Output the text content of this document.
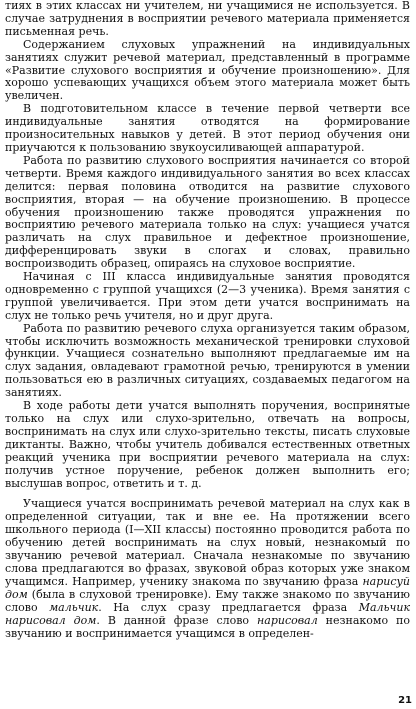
тиях в этих классах ни учителем, ни учащимися не используется. В случае затруднения в восприятии речевого материала применяется письменная речь.

Содержанием слуховых упражнений на индивидуальных занятиях служит речевой материал, представленный в программе «Развитие слухового восприятия и обучение произношению». Для хорошо успевающих учащихся объем этого материала может быть увеличен.

В подготовительном классе в течение первой четверти все индивидуальные занятия отводятся на формирование произносительных навыков у детей. В этот период обучения они приучаются к пользованию звукоусиливающей аппаратурой.

Работа по развитию слухового восприятия начинается со второй четверти. Время каждого индивидуального занятия во всех классах делится: первая половина отводится на развитие слухового восприятия, вторая — на обучение произношению. В процессе обучения произношению также проводятся упражнения по восприятию речевого материала только на слух: учащиеся учатся различать на слух правильное и дефектное произношение, дифференцировать звуки в слогах и словах, правильно воспроизводить образец, опираясь на слуховое восприятие.

Начиная с III класса индивидуальные занятия проводятся одновременно с группой учащихся (2—3 ученика). Время занятия с группой увеличивается. При этом дети учатся воспринимать на слух не только речь учителя, но и друг друга.

Работа по развитию речевого слуха организуется таким образом, чтобы исключить возможность механической тренировки слуховой функции. Учащиеся сознательно выполняют предлагаемые им на слух задания, овладевают грамотной речью, тренируются в умении пользоваться ею в различных ситуациях, создаваемых педагогом на занятиях.

В ходе работы дети учатся выполнять поручения, воспринятые только на слух или слухо-зрительно, отвечать на вопросы, воспринимать на слух или слухо-зрительно тексты, писать слуховые диктанты. Важно, чтобы учитель добивался естественных ответных реакций ученика при восприятии речевого материала на слух: получив устное поручение, ребенок должен выполнить его; выслушав вопрос, ответить и т. д.

Учащиеся учатся воспринимать речевой материал на слух как в определенной ситуации, так и вне ее. На протяжении всего школьного периода (I—XII классы) постоянно проводится работа по обучению детей воспринимать на слух новый, незнакомый по звучанию речевой материал. Сначала незнакомые по звучанию слова предлагаются во фразах, звуковой образ которых уже знаком учащимся. Например, ученику знакома по звучанию фраза нарисуй дом (была в слуховой тренировке). Ему также знакомо по звучанию слово мальчик. На слух сразу предлагается фраза Мальчик нарисовал дом. В данной фразе слово нарисовал незнакомо по звучанию и воспринимается учащимся в определен-

21
